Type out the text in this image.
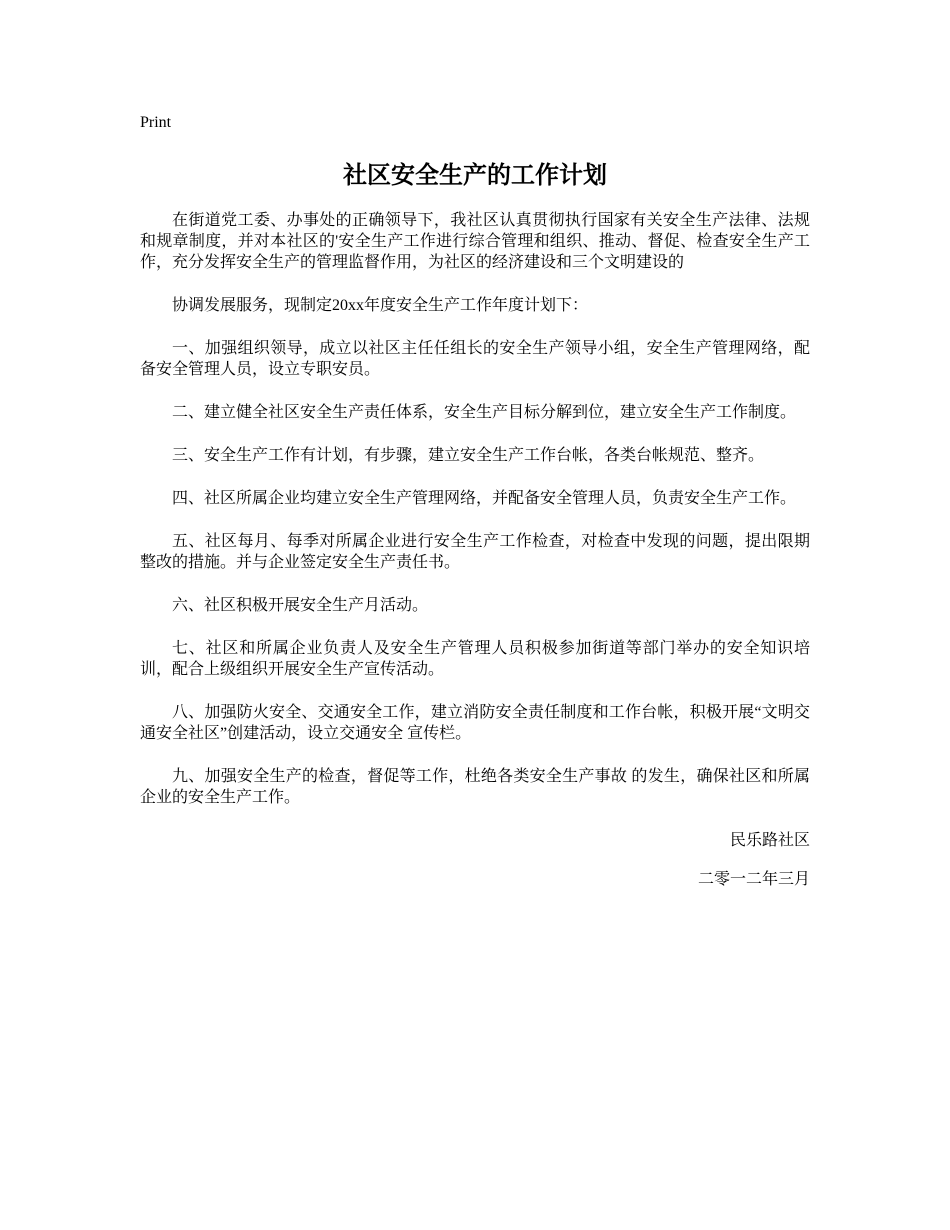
Print
社区安全生产的工作计划

在街道党工委、办事处的正确领导下，我社区认真贯彻执行国家有关安全生产法律、法规和规章制度，并对本社区的'安全生产工作进行综合管理和组织、推动、督促、检查安全生产工作，充分发挥安全生产的管理监督作用，为社区的经济建设和三个文明建设的

协调发展服务，现制定20xx年度安全生产工作年度计划下：

一、加强组织领导，成立以社区主任任组长的安全生产领导小组，安全生产管理网络，配备安全管理人员，设立专职安员。

二、建立健全社区安全生产责任体系，安全生产目标分解到位，建立安全生产工作制度。

三、安全生产工作有计划，有步骤，建立安全生产工作台帐，各类台帐规范、整齐。

四、社区所属企业均建立安全生产管理网络，并配备安全管理人员，负责安全生产工作。

五、社区每月、每季对所属企业进行安全生产工作检查，对检查中发现的问题，提出限期整改的措施。并与企业签定安全生产责任书。

六、社区积极开展安全生产月活动。

七、社区和所属企业负责人及安全生产管理人员积极参加街道等部门举办的安全知识培训，配合上级组织开展安全生产宣传活动。

八、加强防火安全、交通安全工作，建立消防安全责任制度和工作台帐，积极开展“文明交通安全社区”创建活动，设立交通安全 宣传栏。

九、加强安全生产的检查，督促等工作，杜绝各类安全生产事故 的发生，确保社区和所属企业的安全生产工作。

民乐路社区

二零一二年三月
